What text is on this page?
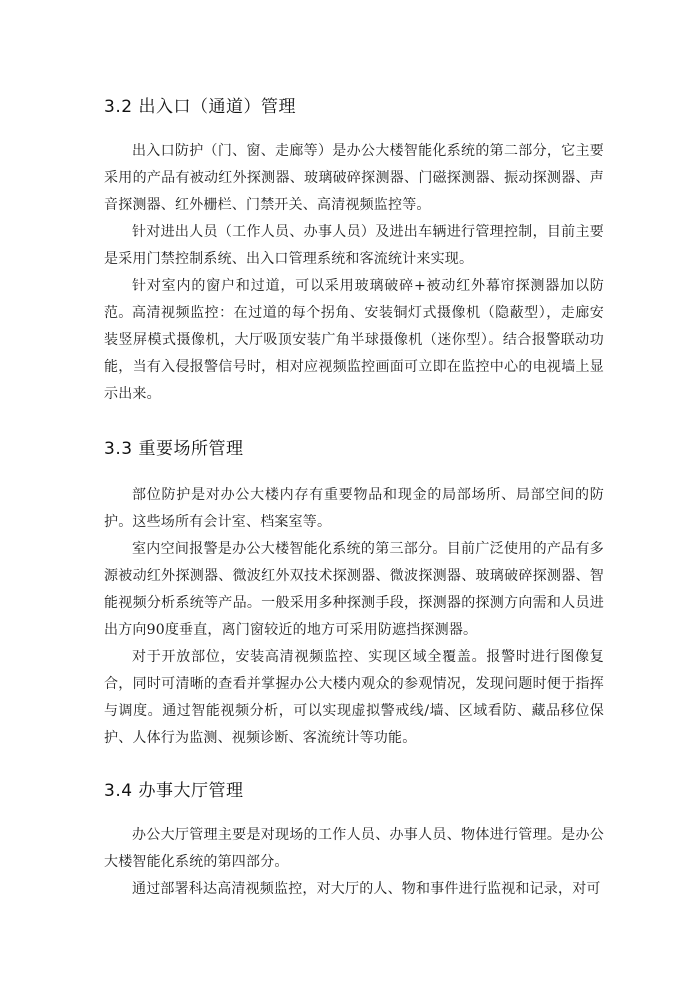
3.2 出入口（通道）管理

出入口防护（门、窗、走廊等）是办公大楼智能化系统的第二部分，它主要采用的产品有被动红外探测器、玻璃破碎探测器、门磁探测器、振动探测器、声音探测器、红外栅栏、门禁开关、高清视频监控等。

针对进出人员（工作人员、办事人员）及进出车辆进行管理控制，目前主要是采用门禁控制系统、出入口管理系统和客流统计来实现。

针对室内的窗户和过道，可以采用玻璃破碎+被动红外幕帘探测器加以防范。 高清视频监控：在过道的每个拐角、安装铜灯式摄像机（隐蔽型），走廊安装竖屏模式摄像机，大厅吸顶安装广角半球摄像机（迷你型）。结合报警联动功能，当有入侵报警信号时，相对应视频监控画面可立即在监控中心的电视墙上显示出来。

3.3 重要场所管理

部位防护是对办公大楼内存有重要物品和现金的局部场所、局部空间的防护。这些场所有会计室、档案室等。

室内空间报警是办公大楼智能化系统的第三部分。目前广泛使用的产品有多源被动红外探测器、微波红外双技术探测器、微波探测器、玻璃破碎探测器、智能视频分析系统等产品。一般采用多种探测手段，探测器的探测方向需和人员进出方向90度垂直，离门窗较近的地方可采用防遮挡探测器。

对于开放部位，安装高清视频监控、实现区域全覆盖。报警时进行图像复合，同时可清晰的查看并掌握办公大楼内观众的参观情况，发现问题时便于指挥与调度。通过智能视频分析，可以实现虚拟警戒线/墙、区域看防、藏品移位保护、人体行为监测、视频诊断、客流统计等功能。

3.4 办事大厅管理

办公大厅管理主要是对现场的工作人员、办事人员、物体进行管理。是办公大楼智能化系统的第四部分。

通过部署科达高清视频监控，对大厅的人、物和事件进行监视和记录，对可
